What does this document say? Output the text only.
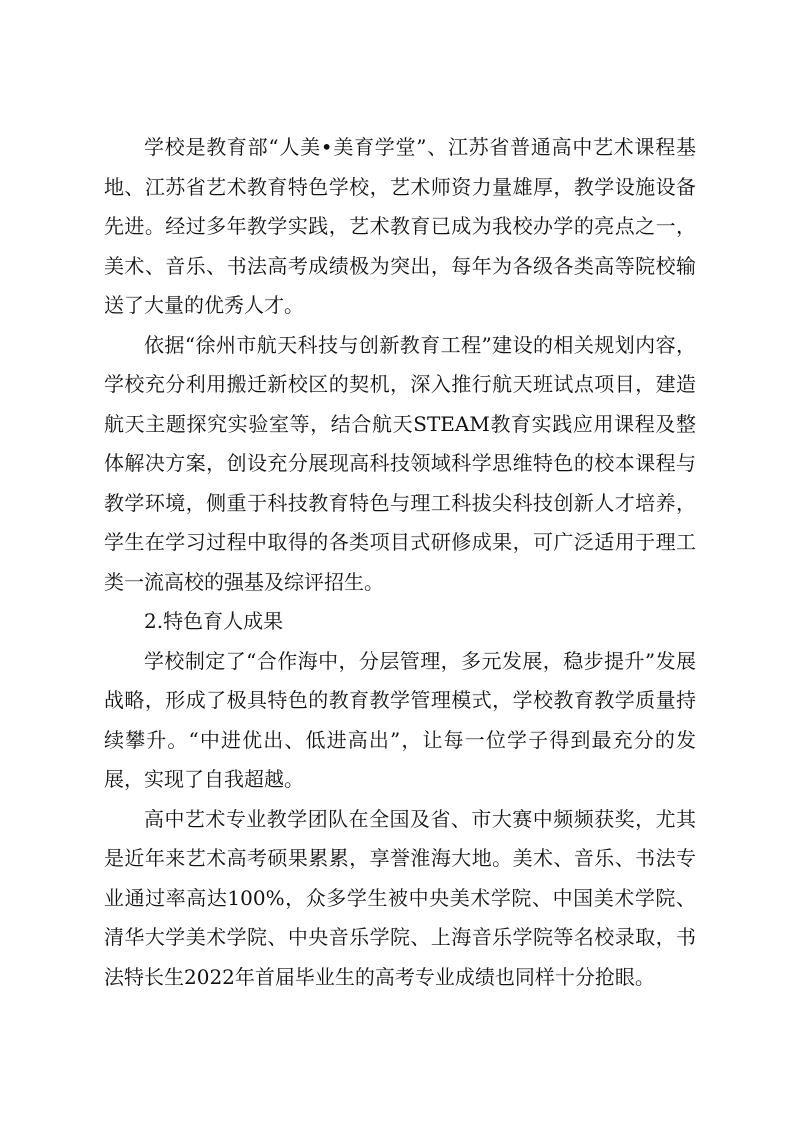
学校是教育部“人美•美育学堂”、江苏省普通高中艺术课程基地、江苏省艺术教育特色学校，艺术师资力量雄厚，教学设施设备先进。经过多年教学实践，艺术教育已成为我校办学的亮点之一，美术、音乐、书法高考成绩极为突出，每年为各级各类高等院校输送了大量的优秀人才。

依据“徐州市航天科技与创新教育工程”建设的相关规划内容，学校充分利用搬迁新校区的契机，深入推行航天班试点项目，建造航天主题探究实验室等，结合航天STEAM教育实践应用课程及整体解决方案，创设充分展现高科技领域科学思维特色的校本课程与教学环境，侧重于科技教育特色与理工科拔尖科技创新人才培养，学生在学习过程中取得的各类项目式研修成果，可广泛适用于理工类一流高校的强基及综评招生。

2.特色育人成果

学校制定了“合作海中，分层管理，多元发展，稳步提升”发展战略，形成了极具特色的教育教学管理模式，学校教育教学质量持续攀升。“中进优出、低进高出”，让每一位学子得到最充分的发展，实现了自我超越。

高中艺术专业教学团队在全国及省、市大赛中频频获奖，尤其是近年来艺术高考硕果累累，享誉淮海大地。美术、音乐、书法专业通过率高达100%，众多学生被中央美术学院、中国美术学院、清华大学美术学院、中央音乐学院、上海音乐学院等名校录取，书法特长生2022年首届毕业生的高考专业成绩也同样十分抢眼。
